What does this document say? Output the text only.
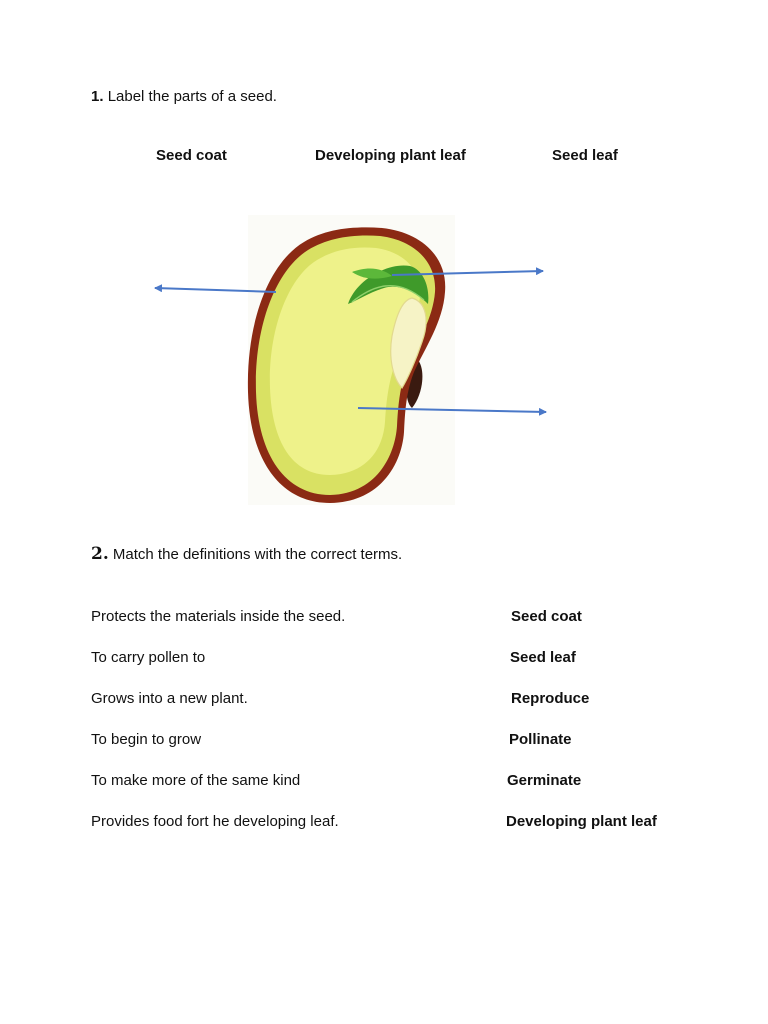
1. Label the parts of a seed.
Seed coat	Developing plant leaf	Seed leaf
2. Match the definitions with the correct terms.
Protects the materials inside the seed.
To carry pollen to
Grows into a new plant.
To begin to grow
To make more of the same kind
Provides food fort he developing leaf.
Seed coat
Seed leaf
Reproduce
Pollinate
Germinate
Developing plant leaf
